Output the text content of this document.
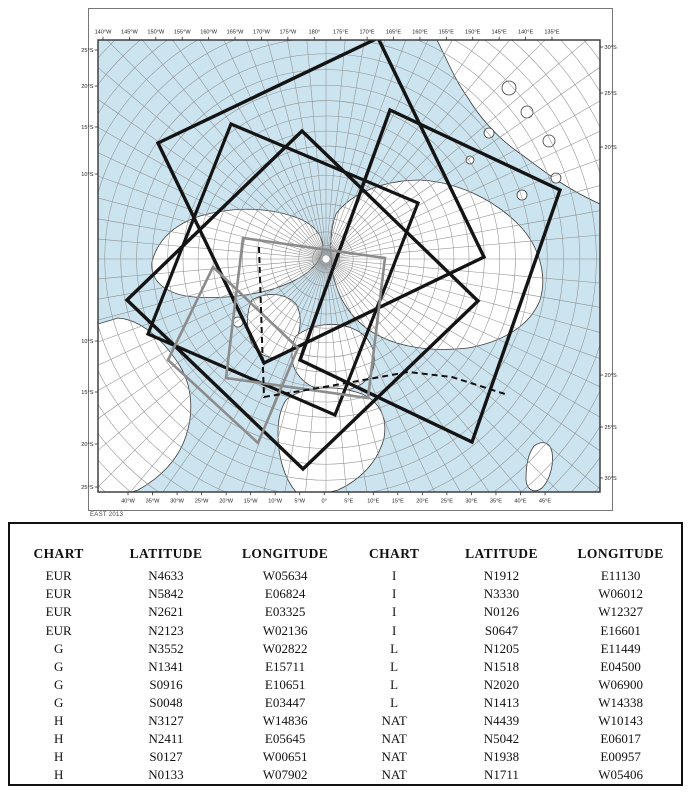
140°W 145°W 150°W 155°W 160°W 165°W 170°W 175°W 180° 175°E 170°E 165°E 160°E 155°E 150°E 145°E 140°E 135°E
40°W 35°W 30°W 25°W 20°W 15°W 10°W 5°W	0°	5°E 10°E 15°E 20°E 25°E 30°E 35°E 40°E 45°E
25°S
20°S
15°S
10°S
10°S
15°S
20°S
25°S
30°S
25°S
20°S
20°S
25°S
30°S
EAST 2013
CHART	LATITUDE	LONGITUDE
EUR	N4633	W05634
EUR	N5842	E06824
EUR	N2621	E03325
EUR	N2123	W02136
G	N3552	W02822
G	N1341	E15711
G	S0916	E10651
G	S0048	E03447
H	N3127	W14836
H	N2411	E05645
H	S0127	W00651
H	N0133	W07902
CHART	LATITUDE	LONGITUDE
I	N1912	E11130
I	N3330	W06012
I	N0126	W12327
I	S0647	E16601
L	N1205	E11449
L	N1518	E04500
L	N2020	W06900
L	N1413	W14338
NAT	N4439	W10143
NAT	N5042	E06017
NAT	N1938	E00957
NAT	N1711	W05406
